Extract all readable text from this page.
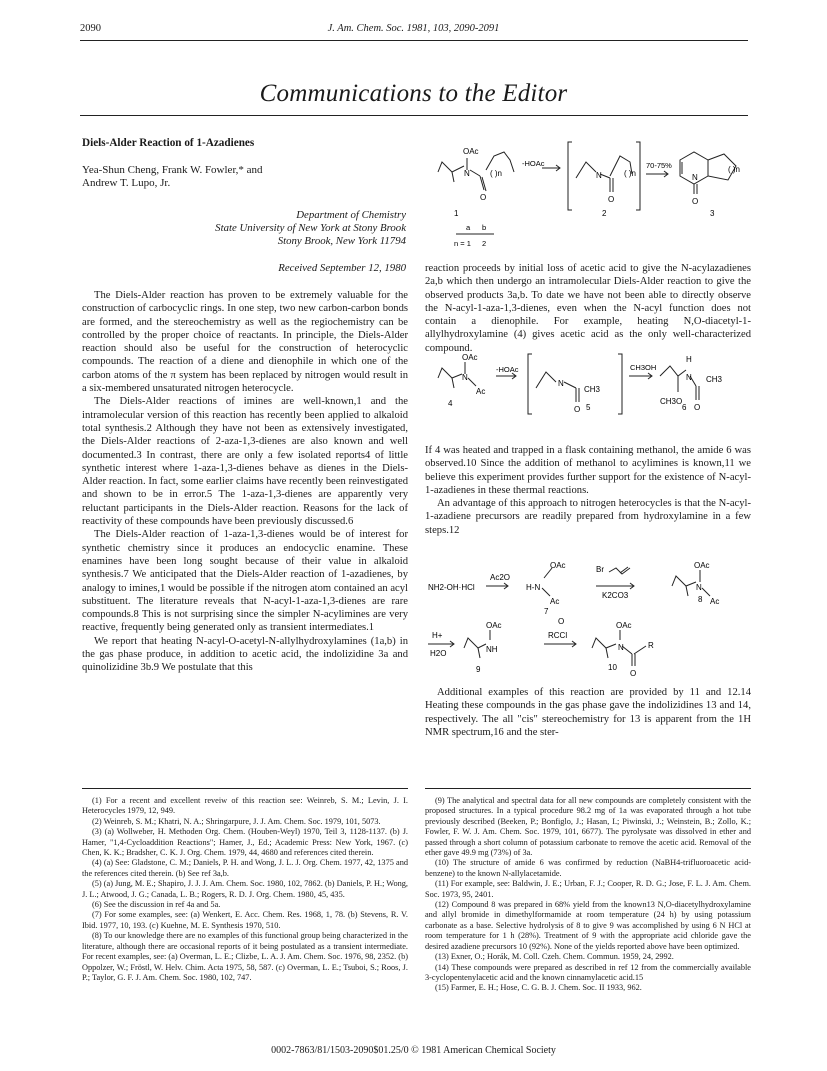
2090	J. Am. Chem. Soc. 1981, 103, 2090-2091
Communications to the Editor
Diels-Alder Reaction of 1-Azadienes
Yea-Shun Cheng, Frank W. Fowler,* and
Andrew T. Lupo, Jr.
Department of Chemistry
State University of New York at Stony Brook
Stony Brook, New York 11794
Received September 12, 1980

The Diels-Alder reaction has proven to be extremely valuable for the construction of carbocyclic rings. In one step, two new carbon-carbon bonds are formed, and the stereochemistry as well as the regiochemistry can be controlled by the proper choice of reactants. In principle, the Diels-Alder reaction should also be useful for the construction of heterocyclic compounds. The reaction of a diene and dienophile in which one of the carbon atoms of the π system has been replaced by nitrogen would result in a six-membered unsaturated nitrogen heterocycle.

The Diels-Alder reactions of imines are well-known,1 and the intramolecular version of this reaction has recently been applied to alkaloid total synthesis.2 Although they have not been as extensively investigated, the Diels-Alder reactions of 2-aza-1,3-dienes are also known and well documented.3 In contrast, there are only a few isolated reports4 of little synthetic interest where 1-aza-1,3-dienes behave as dienes in the Diels-Alder reaction. In fact, some earlier claims have recently been reinvestigated and shown to be in error.5 The 1-aza-1,3-dienes are apparently very reluctant participants in the Diels-Alder reaction. Reasons for the lack of reactivity of these compounds have been previously discussed.6

The Diels-Alder reaction of 1-aza-1,3-dienes would be of interest for synthetic chemistry since it produces an endocyclic enamine. These enamines have been long sought because of their value in alkaloid synthesis.7 We anticipated that the Diels-Alder reaction of 1-azadienes, by analogy to imines,1 would be possible if the nitrogen atom contained an acyl substituent. The literature reveals that N-acyl-1-aza-1,3-dienes are rare compounds.8 This is not surprising since the simpler N-acylimines are very reactive, frequently being generated only as transient intermediates.1

We report that heating N-acyl-O-acetyl-N-allylhydroxylamines (1a,b) in the gas phase produce, in addition to acetic acid, the indolizidine 3a and quinolizidine 3b.9 We postulate that this

OAc
N
O
( )n
-HOAc
N
O
( )n
70-75%
N
O
( )n
1	2	3
a b
n = 1 2

reaction proceeds by initial loss of acetic acid to give the N-acylazadienes 2a,b which then undergo an intramolecular Diels-Alder reaction to give the observed products 3a,b. To date we have not been able to directly observe the N-acyl-1-aza-1,3-dienes, even when the N-acyl function does not contain a dienophile. For example, heating N,O-diacetyl-1-allylhydroxylamine (4) gives acetic acid as the only well-characterized compound.

OAc
N
Ac
-HOAc
N
CH3
O
CH3OH
H
N CH3
CH3O
O
4	5	6

If 4 was heated and trapped in a flask containing methanol, the amide 6 was observed.10 Since the addition of methanol to acylimines is known,11 we believe this experiment provides further support for the existence of N-acyl-1-azadienes in these thermal reactions.

An advantage of this approach to nitrogen heterocycles is that the N-acyl-1-azadiene precursors are readily prepared from hydroxylamine in a few steps.12

NH2-OH·HCl
Ac2O
OAc
H-N
Ac
Br
K2CO3
7
OAc
N
Ac
8
H+
H2O
OAc
NH
9
O
RCCl
OAc
N	R
O
10

Additional examples of this reaction are provided by 11 and 12.14 Heating these compounds in the gas phase gave the indolizidines 13 and 14, respectively. The all "cis" stereochemistry for 13 is apparent from the 1H NMR spectrum,16 and the ster-

(1) For a recent and excellent reveiw of this reaction see: Weinreb, S. M.; Levin, J. I. Heterocycles 1979, 12, 949.

(2) Weinreb, S. M.; Khatri, N. A.; Shringarpure, J. J. Am. Chem. Soc. 1979, 101, 5073.

(3) (a) Wollweber, H. Methoden Org. Chem. (Houben-Weyl) 1970, Teil 3, 1128-1137. (b) J. Hamer, "1,4-Cycloaddition Reactions"; Hamer, J., Ed.; Academic Press: New York, 1967. (c) Chen, K. K.; Bradsher, C. K. J. Org. Chem. 1979, 44, 4680 and references cited therein.

(4) (a) See: Gladstone, C. M.; Daniels, P. H. and Wong, J. L. J. Org. Chem. 1977, 42, 1375 and the references cited therein. (b) See ref 3a,b.

(5) (a) Jung, M. E.; Shapiro, J. J. J. Am. Chem. Soc. 1980, 102, 7862. (b) Daniels, P. H.; Wong, J. L.; Atwood, J. G.; Canada, L. B.; Rogers, R. D. J. Org. Chem. 1980, 45, 435.

(6) See the discussion in ref 4a and 5a.

(7) For some examples, see: (a) Wenkert, E. Acc. Chem. Res. 1968, 1, 78. (b) Stevens, R. V. Ibid. 1977, 10, 193. (c) Kuehne, M. E. Synthesis 1970, 510.

(8) To our knowledge there are no examples of this functional group being characterized in the literature, although there are occasional reports of it being postulated as a transient intermediate. For recent examples, see: (a) Overman, L. E.; Clizbe, L. A. J. Am. Chem. Soc. 1976, 98, 2352. (b) Oppolzer, W.; Fröstl, W. Helv. Chim. Acta 1975, 58, 587. (c) Overman, L. E.; Tsuboi, S.; Roos, J. P.; Taylor, G. F. J. Am. Chem. Soc. 1980, 102, 747.

(9) The analytical and spectral data for all new compounds are completely consistent with the proposed structures. In a typical procedure 98.2 mg of 1a was evaporated through a hot tube previously described (Beeken, P.; Bonfiglo, J.; Hasan, I.; Piwinski, J.; Weinstein, B.; Zollo, K.; Fowler, F. W. J. Am. Chem. Soc. 1979, 101, 6677). The pyrolysate was dissolved in ether and passed through a short column of potassium carbonate to remove the acetic acid. Removal of the ether gave 49.9 mg (73%) of 3a.

(10) The structure of amide 6 was confirmed by reduction (NaBH4-trifluoroacetic acid-benzene) to the known N-allylacetamide.

(11) For example, see: Baldwin, J. E.; Urban, F. J.; Cooper, R. D. G.; Jose, F. L. J. Am. Chem. Soc. 1973, 95, 2401.

(12) Compound 8 was prepared in 68% yield from the known13 N,O-diacetylhydroxylamine and allyl bromide in dimethylformamide at room temperature (24 h) by using potassium carbonate as a base. Selective hydrolysis of 8 to give 9 was accomplished by using 6 N HCl at room temperature for 1 h (28%). Treatment of 9 with the appropriate acid chloride gave the desired azadiene precursors 10 (92%). None of the yields reported above have been optimized.

(13) Exner, O.; Horák, M. Coll. Czeh. Chem. Commun. 1959, 24, 2992.

(14) These compounds were prepared as described in ref 12 from the commercially available 3-cyclopentenylacetic acid and the known cinnamylacetic acid.15

(15) Farmer, E. H.; Hose, C. G. B. J. Chem. Soc. II 1933, 962.

0002-7863/81/1503-2090$01.25/0 © 1981 American Chemical Society
